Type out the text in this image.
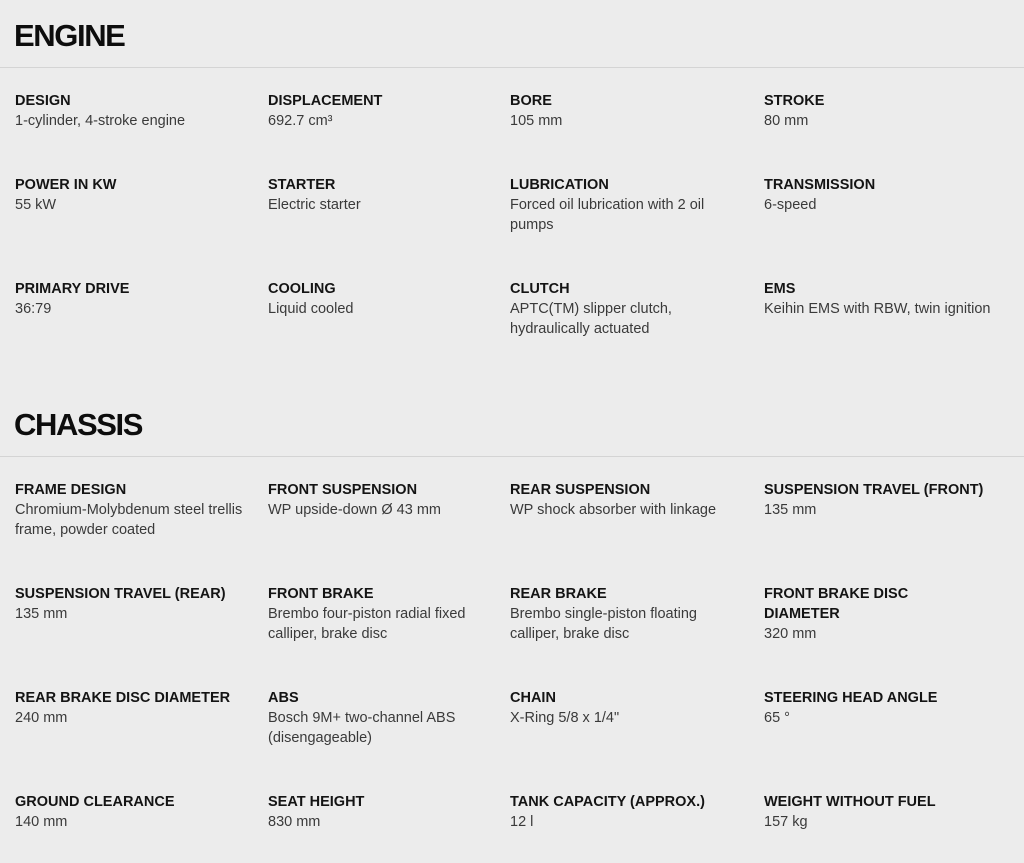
ENGINE
DESIGN
1-cylinder, 4-stroke engine
DISPLACEMENT
692.7 cm³
BORE
105 mm
STROKE
80 mm
POWER IN KW
55 kW
STARTER
Electric starter
LUBRICATION
Forced oil lubrication with 2 oil pumps
TRANSMISSION
6-speed
PRIMARY DRIVE
36:79
COOLING
Liquid cooled
CLUTCH
APTC(TM) slipper clutch, hydraulically actuated
EMS
Keihin EMS with RBW, twin ignition
CHASSIS
FRAME DESIGN
Chromium-Molybdenum steel trellis frame, powder coated
FRONT SUSPENSION
WP upside-down Ø 43 mm
REAR SUSPENSION
WP shock absorber with linkage
SUSPENSION TRAVEL (FRONT)
135 mm
SUSPENSION TRAVEL (REAR)
135 mm
FRONT BRAKE
Brembo four-piston radial fixed calliper, brake disc
REAR BRAKE
Brembo single-piston floating calliper, brake disc
FRONT BRAKE DISC DIAMETER
320 mm
REAR BRAKE DISC DIAMETER
240 mm
ABS
Bosch 9M+ two-channel ABS (disengageable)
CHAIN
X-Ring 5/8 x 1/4"
STEERING HEAD ANGLE
65 °
GROUND CLEARANCE
140 mm
SEAT HEIGHT
830 mm
TANK CAPACITY (APPROX.)
12 l
WEIGHT WITHOUT FUEL
157 kg
